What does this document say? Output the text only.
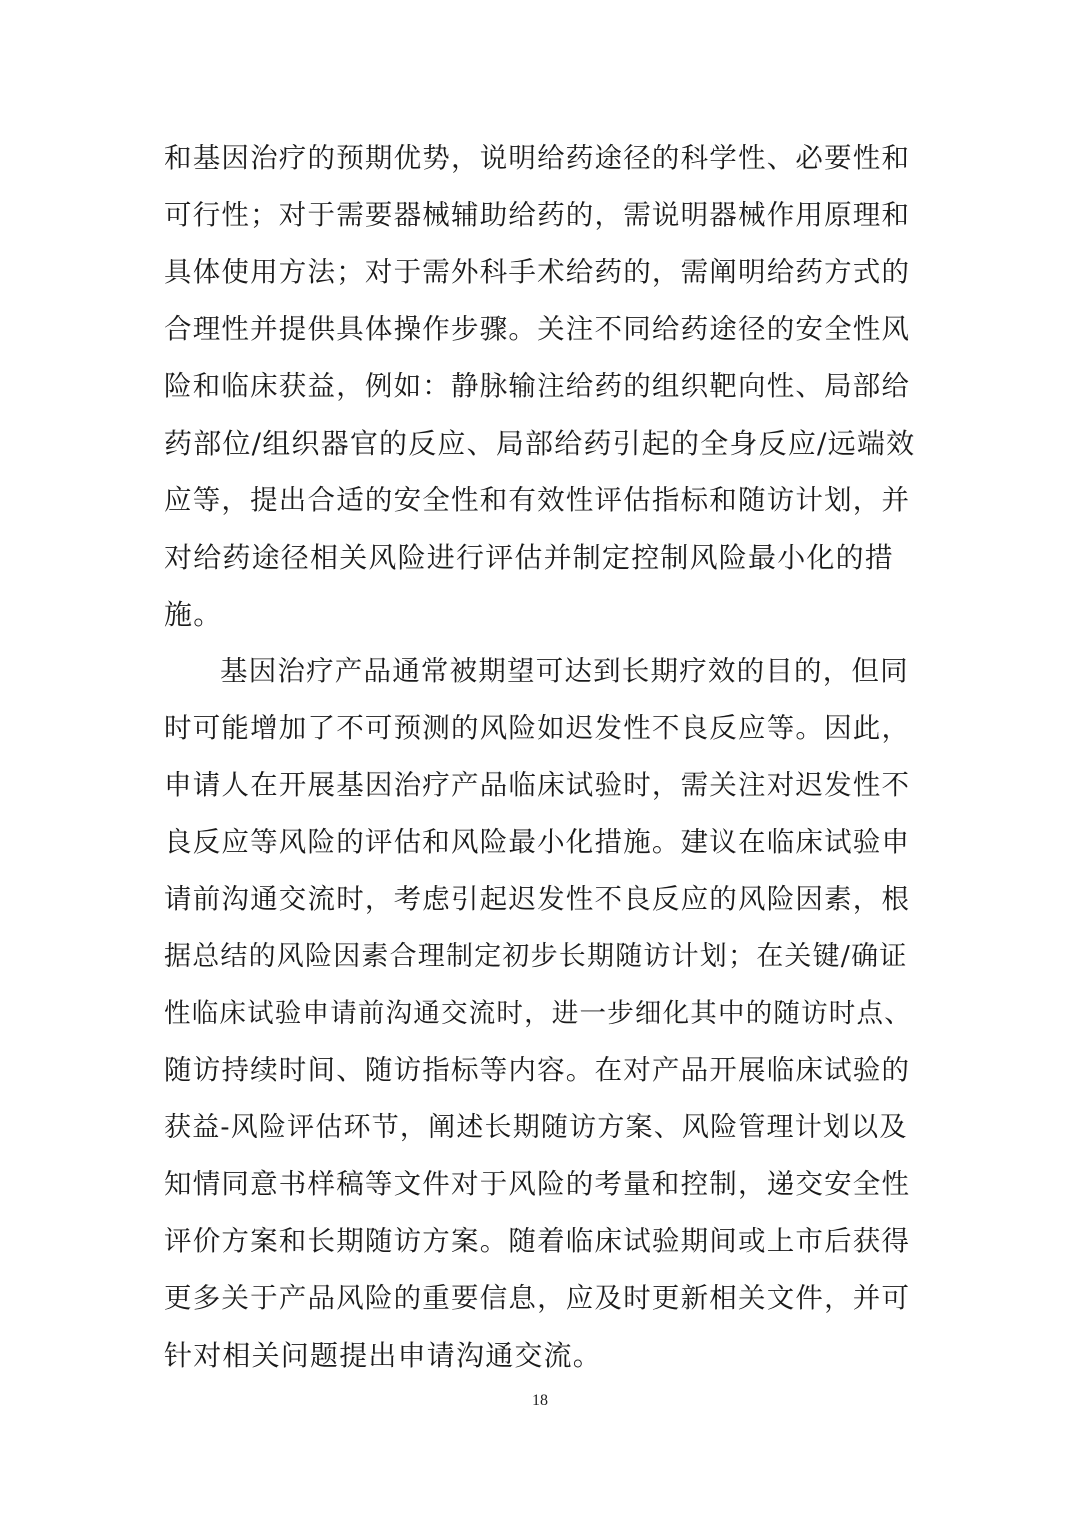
和基因治疗的预期优势，说明给药途径的科学性、必要性和
可行性；对于需要器械辅助给药的，需说明器械作用原理和
具体使用方法；对于需外科手术给药的，需阐明给药方式的
合理性并提供具体操作步骤。关注不同给药途径的安全性风
险和临床获益，例如：静脉输注给药的组织靶向性、局部给
药部位/组织器官的反应、局部给药引起的全身反应/远端效
应等，提出合适的安全性和有效性评估指标和随访计划，并
对给药途径相关风险进行评估并制定控制风险最小化的措
施。
基因治疗产品通常被期望可达到长期疗效的目的，但同
时可能增加了不可预测的风险如迟发性不良反应等。因此，
申请人在开展基因治疗产品临床试验时，需关注对迟发性不
良反应等风险的评估和风险最小化措施。建议在临床试验申
请前沟通交流时，考虑引起迟发性不良反应的风险因素，根
据总结的风险因素合理制定初步长期随访计划；在关键/确证
性临床试验申请前沟通交流时，进一步细化其中的随访时点、
随访持续时间、随访指标等内容。在对产品开展临床试验的
获益-风险评估环节，阐述长期随访方案、风险管理计划以及
知情同意书样稿等文件对于风险的考量和控制，递交安全性
评价方案和长期随访方案。随着临床试验期间或上市后获得
更多关于产品风险的重要信息，应及时更新相关文件，并可
针对相关问题提出申请沟通交流。
18
